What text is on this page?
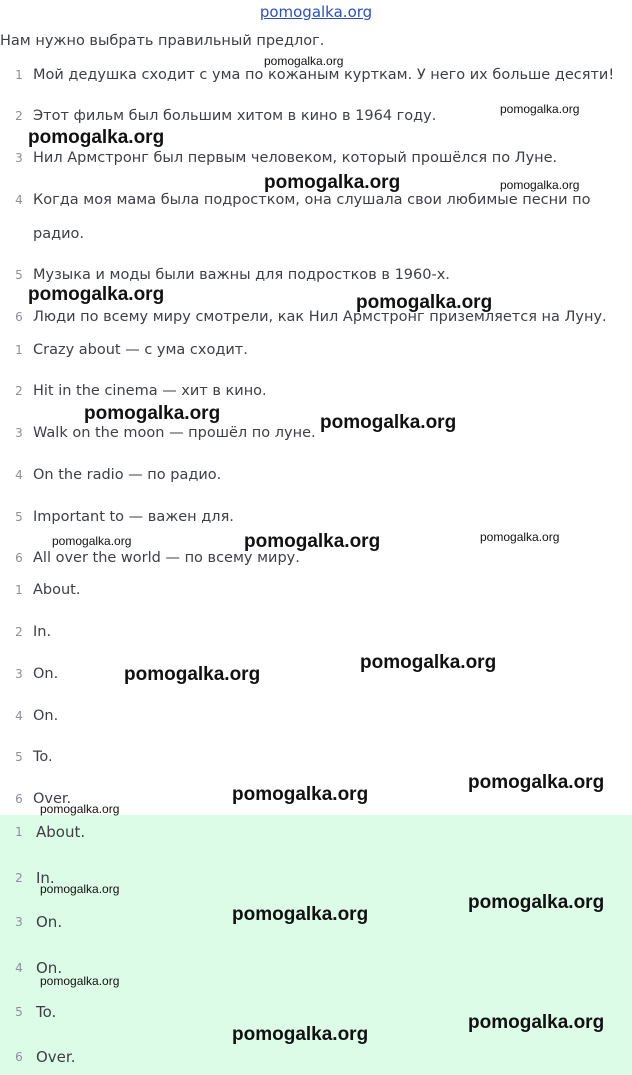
pomogalka.org
Нам нужно выбрать правильный предлог.
1 Мой дедушка сходит с ума по кожаным курткам. У него их больше десяти!
2 Этот фильм был большим хитом в кино в 1964 году.
3 Нил Армстронг был первым человеком, который прошёлся по Луне.
4 Когда моя мама была подростком, она слушала свои любимые песни по радио.
5 Музыка и моды были важны для подростков в 1960-х.
6 Люди по всему миру смотрели, как Нил Армстронг приземляется на Луну.
1 Crazy about — с ума сходит.
2 Hit in the cinema — хит в кино.
3 Walk on the moon — прошёл по луне.
4 On the radio — по радио.
5 Important to — важен для.
6 All over the world — по всему миру.
1 About.
2 In.
3 On.
4 On.
5 To.
6 Over.
1 About.
2 In.
3 On.
4 On.
5 To.
6 Over.
pomogalka.org
pomogalka.org
pomogalka.org
pomogalka.org	pomogalka.org
pomogalka.org	pomogalka.org
pomogalka.org	pomogalka.org
pomogalka.org
pomogalka.org	pomogalka.org
pomogalka.org
pomogalka.org
pomogalka.org
pomogalka.org
pomogalka.org
pomogalka.org
pomogalka.org
pomogalka.org
pomogalka.org
pomogalka.org
pomogalka.org
